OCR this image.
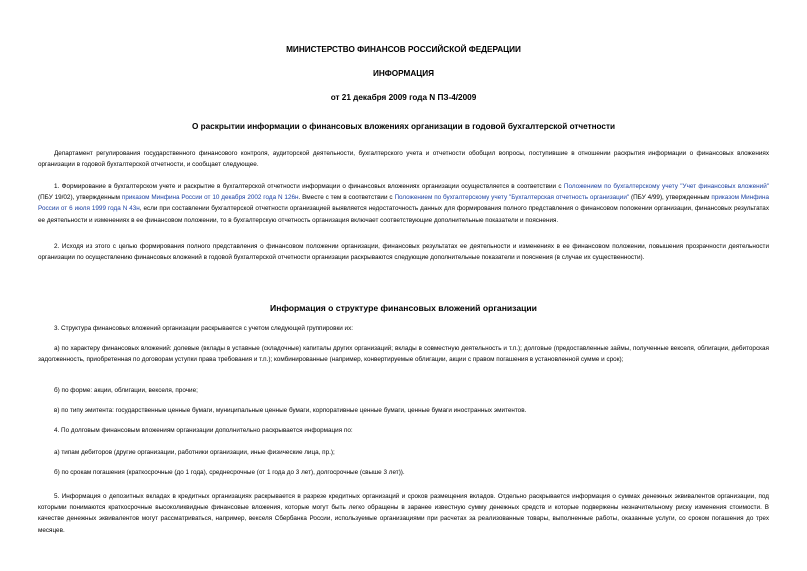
МИНИСТЕРСТВО ФИНАНСОВ РОССИЙСКОЙ ФЕДЕРАЦИИ
ИНФОРМАЦИЯ
от 21 декабря 2009 года N ПЗ-4/2009
О раскрытии информации о финансовых вложениях организации в годовой бухгалтерской отчетности

Департамент регулирования государственного финансового контроля, аудиторской деятельности, бухгалтерского учета и отчетности обобщил вопросы, поступившие в отношении раскрытия информации о финансовых вложениях организации в годовой бухгалтерской отчетности, и сообщает следующее.

1. Формирование в бухгалтерском учете и раскрытие в бухгалтерской отчетности информации о финансовых вложениях организации осуществляется в соответствии с Положением по бухгалтерскому учету "Учет финансовых вложений" (ПБУ 19/02), утвержденным приказом Минфина России от 10 декабря 2002 года N 126н. Вместе с тем в соответствии с Положением по бухгалтерскому учету "Бухгалтерская отчетность организации" (ПБУ 4/99), утвержденным приказом Минфина России от 6 июля 1999 года N 43н, если при составлении бухгалтерской отчетности организацией выявляется недостаточность данных для формирования полного представления о финансовом положении организации, финансовых результатах ее деятельности и изменениях в ее финансовом положении, то в бухгалтерскую отчетность организация включает соответствующие дополнительные показатели и пояснения.

2. Исходя из этого с целью формирования полного представления о финансовом положении организации, финансовых результатах ее деятельности и изменениях в ее финансовом положении, повышения прозрачности деятельности организации по осуществлению финансовых вложений в годовой бухгалтерской отчетности организации раскрываются следующие дополнительные показатели и пояснения (в случае их существенности).

Информация о структуре финансовых вложений организации

3. Структура финансовых вложений организации раскрывается с учетом следующей группировки их:

а) по характеру финансовых вложений: долевые (вклады в уставные (складочные) капиталы других организаций; вклады в совместную деятельность и т.п.); долговые (предоставленные займы, полученные векселя, облигации, дебиторская задолженность, приобретенная по договорам уступки права требования и т.п.); комбинированные (например, конвертируемые облигации, акции с правом погашения в установленной сумме и срок);

б) по форме: акции, облигации, векселя, прочие;

в) по типу эмитента: государственные ценные бумаги, муниципальные ценные бумаги, корпоративные ценные бумаги, ценные бумаги иностранных эмитентов.

4. По долговым финансовым вложениям организации дополнительно раскрывается информация по:

а) типам дебиторов (другие организации, работники организации, иные физические лица, пр.);

б) по срокам погашения (краткосрочные (до 1 года), среднесрочные (от 1 года до 3 лет), долгосрочные (свыше 3 лет)).

5. Информация о депозитных вкладах в кредитных организациях раскрывается в разрезе кредитных организаций и сроков размещения вкладов. Отдельно раскрывается информация о суммах денежных эквивалентов организации, под которыми понимаются краткосрочные высоколиквидные финансовые вложения, которые могут быть легко обращены в заранее известную сумму денежных средств и которые подвержены незначительному риску изменения стоимости. В качестве денежных эквивалентов могут рассматриваться, например, векселя Сбербанка России, используемые организациями при расчетах за реализованные товары, выполненные работы, оказанные услуги, со сроком погашения до трех месяцев.
